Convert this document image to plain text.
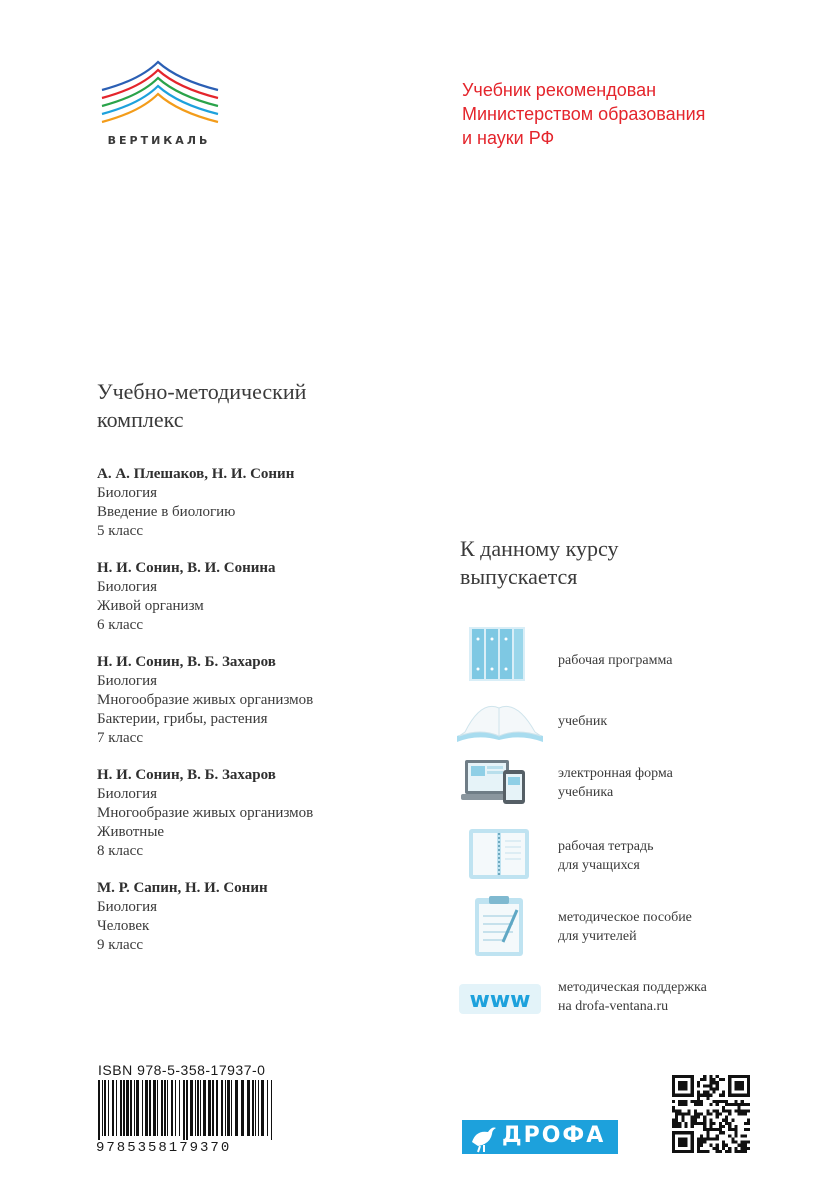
ВЕРТИКАЛЬ
Учебник рекомендован
Министерством образования
и науки РФ
Учебно-методический
комплекс
А. А. Плешаков, Н. И. Сонин
Биология
Введение в биологию
5 класс
Н. И. Сонин, В. И. Сонина
Биология
Живой организм
6 класс
Н. И. Сонин, В. Б. Захаров
Биология
Многообразие живых организмов
Бактерии, грибы, растения
7 класс
Н. И. Сонин, В. Б. Захаров
Биология
Многообразие живых организмов
Животные
8 класс
М. Р. Сапин, Н. И. Сонин
Биология
Человек
9 класс
К данному курсу
выпускается
рабочая программа
учебник
электронная форма
учебника
рабочая тетрадь
для учащихся
методическое пособие
для учителей
www
методическая поддержка
на drofa-ventana.ru
ISBN 978-5-358-17937-0
9785358179370	ДРОФА
